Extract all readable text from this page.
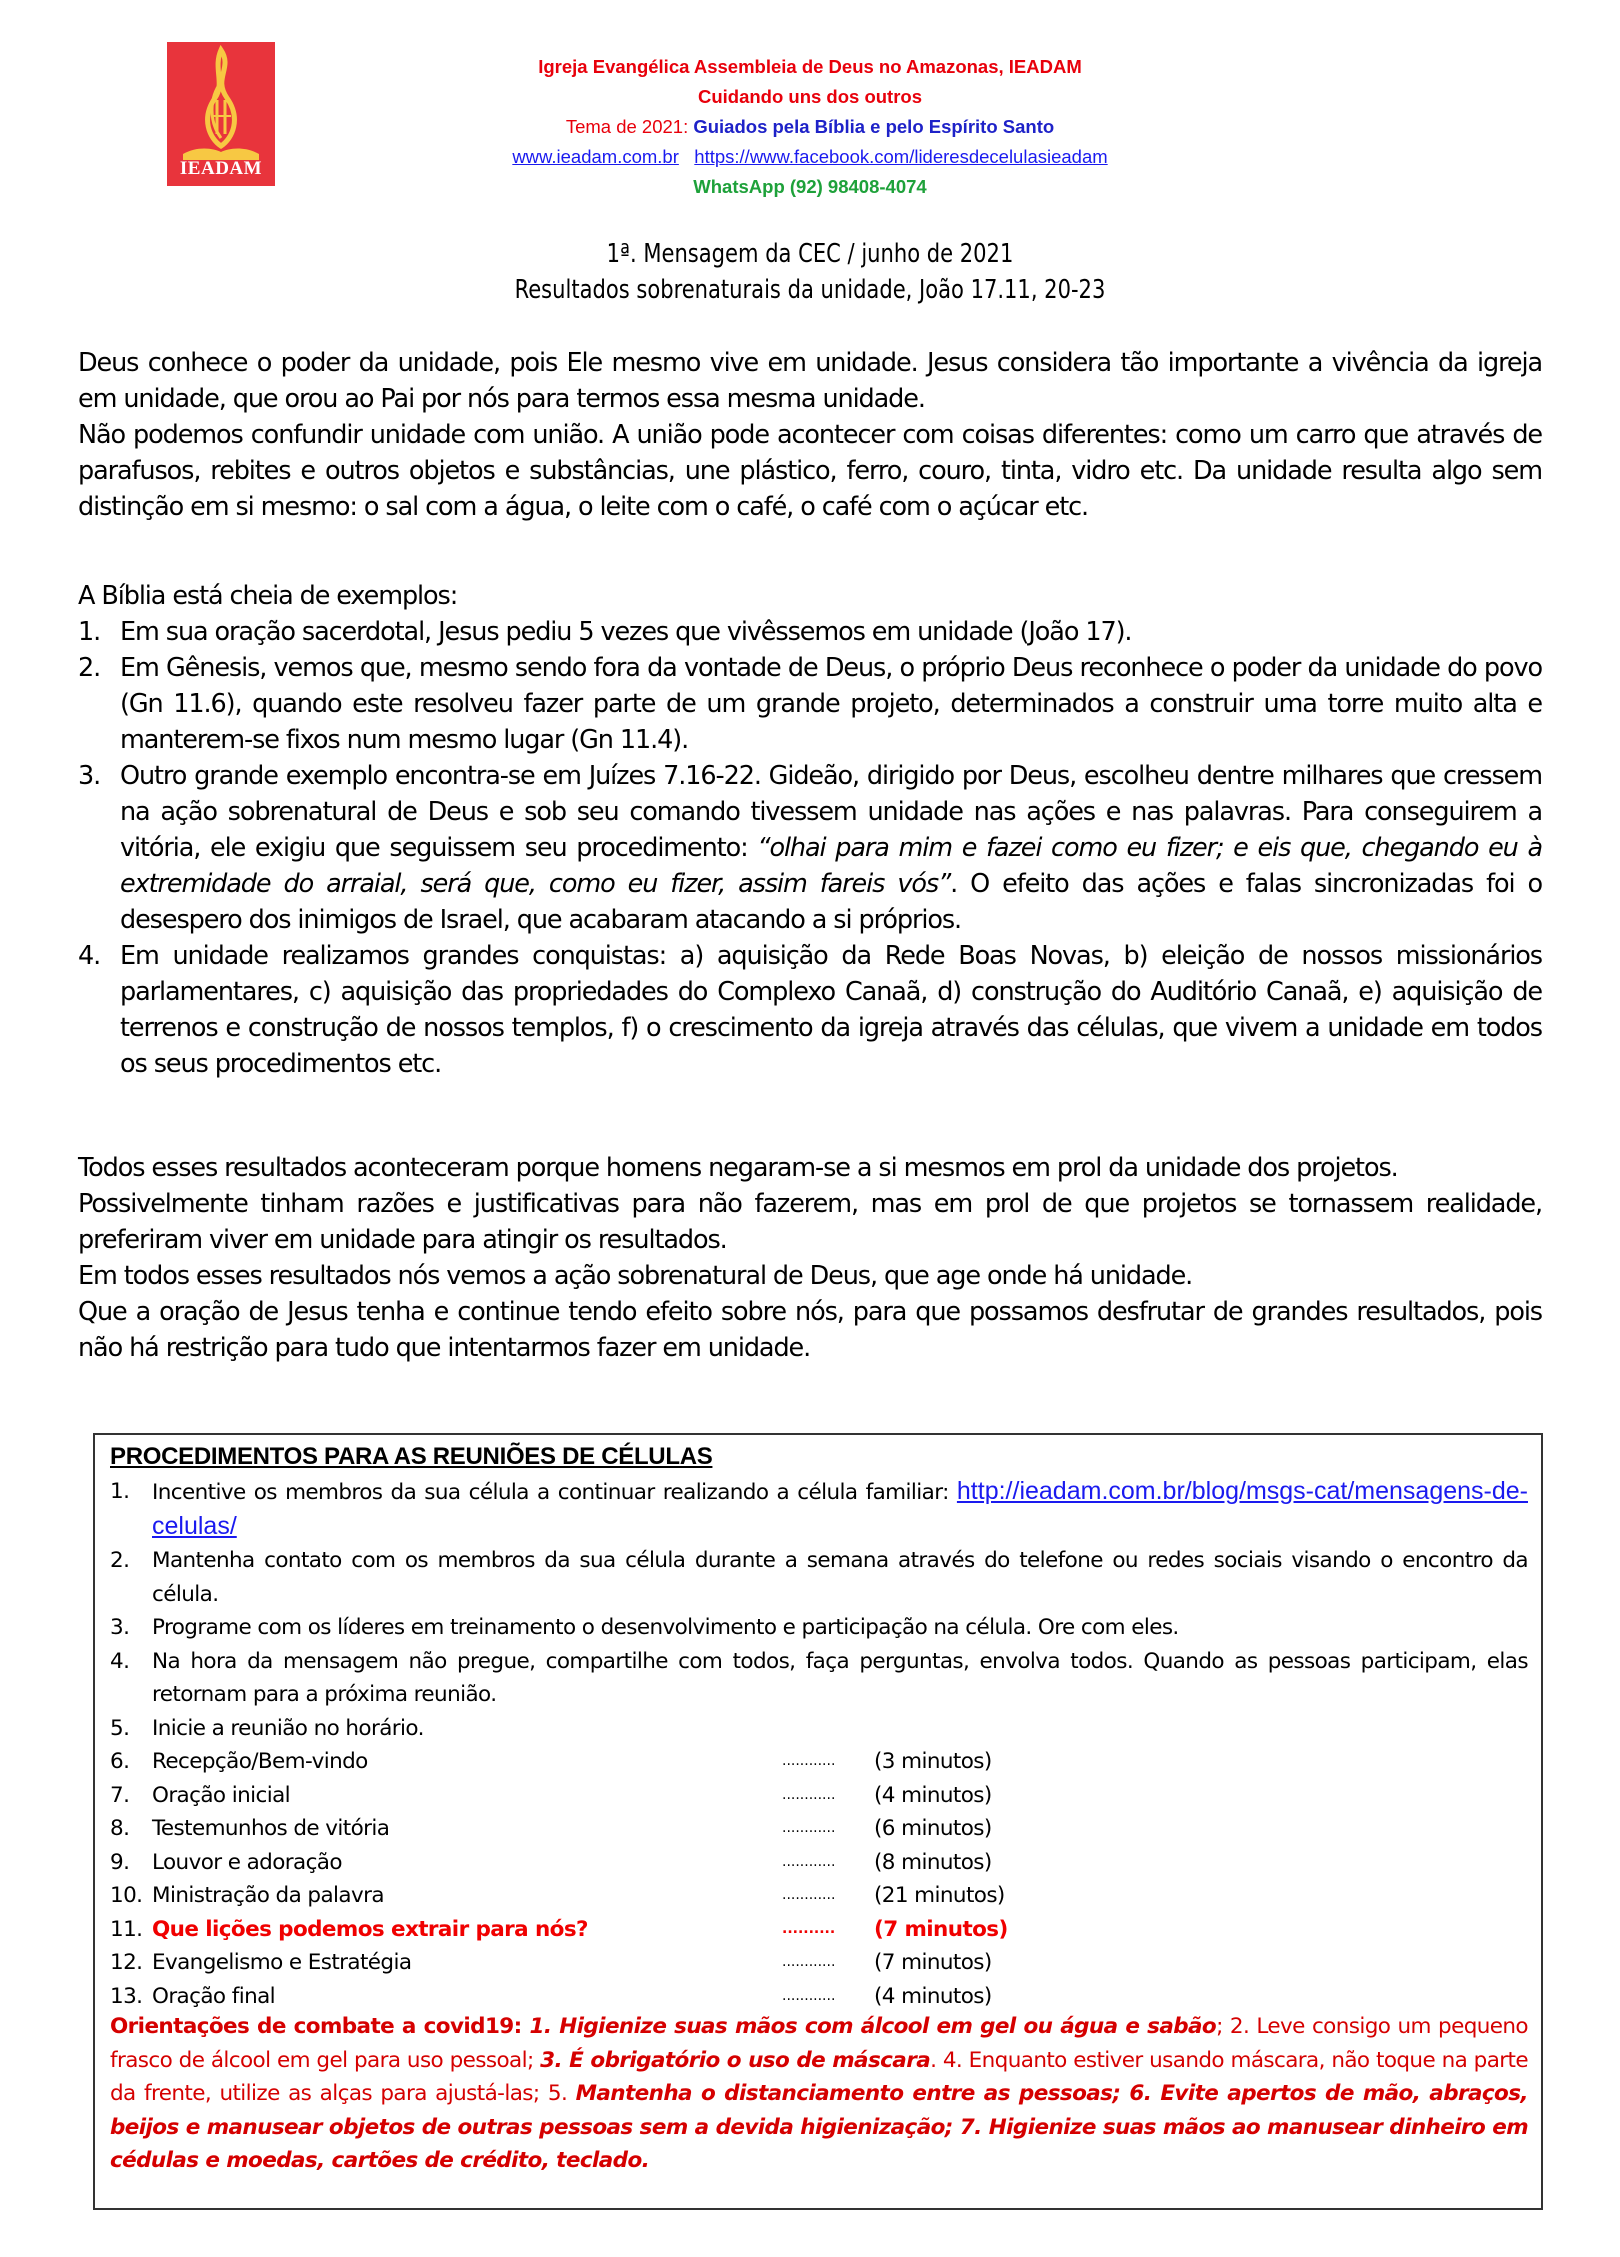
IEADAM
Igreja Evangélica Assembleia de Deus no Amazonas, IEADAM
Cuidando uns dos outros
Tema de 2021: Guiados pela Bíblia e pelo Espírito Santo
www.ieadam.com.br https://www.facebook.com/lideresdecelulasieadam
WhatsApp (92) 98408-4074
1ª. Mensagem da CEC / junho de 2021
Resultados sobrenaturais da unidade, João 17.11, 20-23

Deus conhece o poder da unidade, pois Ele mesmo vive em unidade. Jesus considera tão importante a vivência da igreja em unidade, que orou ao Pai por nós para termos essa mesma unidade.

Não podemos confundir unidade com união. A união pode acontecer com coisas diferentes: como um carro que através de parafusos, rebites e outros objetos e substâncias, une plástico, ferro, couro, tinta, vidro etc. Da unidade resulta algo sem distinção em si mesmo: o sal com a água, o leite com o café, o café com o açúcar etc.

A Bíblia está cheia de exemplos:

1. Em sua oração sacerdotal, Jesus pediu 5 vezes que vivêssemos em unidade (João 17).
2. Em Gênesis, vemos que, mesmo sendo fora da vontade de Deus, o próprio Deus reconhece o poder da unidade do povo (Gn 11.6), quando este resolveu fazer parte de um grande projeto, determinados a construir uma torre muito alta e manterem-se fixos num mesmo lugar (Gn 11.4).
3. Outro grande exemplo encontra-se em Juízes 7.16-22. Gideão, dirigido por Deus, escolheu dentre milhares que cressem na ação sobrenatural de Deus e sob seu comando tivessem unidade nas ações e nas palavras. Para conseguirem a vitória, ele exigiu que seguissem seu procedimento: “olhai para mim e fazei como eu fizer; e eis que, chegando eu à extremidade do arraial, será que, como eu fizer, assim fareis vós”. O efeito das ações e falas sincronizadas foi o desespero dos inimigos de Israel, que acabaram atacando a si próprios.
4. Em unidade realizamos grandes conquistas: a) aquisição da Rede Boas Novas, b) eleição de nossos missionários parlamentares, c) aquisição das propriedades do Complexo Canaã, d) construção do Auditório Canaã, e) aquisição de terrenos e construção de nossos templos, f) o crescimento da igreja através das células, que vivem a unidade em todos os seus procedimentos etc.

Todos esses resultados aconteceram porque homens negaram-se a si mesmos em prol da unidade dos projetos.

Possivelmente tinham razões e justificativas para não fazerem, mas em prol de que projetos se tornassem realidade, preferiram viver em unidade para atingir os resultados.

Em todos esses resultados nós vemos a ação sobrenatural de Deus, que age onde há unidade.

Que a oração de Jesus tenha e continue tendo efeito sobre nós, para que possamos desfrutar de grandes resultados, pois não há restrição para tudo que intentarmos fazer em unidade.

PROCEDIMENTOS PARA AS REUNIÕES DE CÉLULAS
1. Incentive os membros da sua célula a continuar realizando a célula familiar: http://ieadam.com.br/blog/msgs-cat/mensagens-de-celulas/
2. Mantenha contato com os membros da sua célula durante a semana através do telefone ou redes sociais visando o encontro da célula.
3. Programe com os líderes em treinamento o desenvolvimento e participação na célula. Ore com eles.
4. Na hora da mensagem não pregue, compartilhe com todos, faça perguntas, envolva todos. Quando as pessoas participam, elas retornam para a próxima reunião.
5. Inicie a reunião no horário.
6. Recepção/Bem-vindo	............	(3 minutos)
7. Oração inicial	............	(4 minutos)
8. Testemunhos de vitória	............	(6 minutos)
9. Louvor e adoração	............	(8 minutos)
10. Ministração da palavra	............	(21 minutos)
11. Que lições podemos extrair para nós?	..........	(7 minutos)
12. Evangelismo e Estratégia	............	(7 minutos)
13. Oração final	............	(4 minutos)
Orientações de combate a covid19: 1. Higienize suas mãos com álcool em gel ou água e sabão; 2. Leve consigo um pequeno frasco de álcool em gel para uso pessoal; 3. É obrigatório o uso de máscara. 4. Enquanto estiver usando máscara, não toque na parte da frente, utilize as alças para ajustá-las; 5. Mantenha o distanciamento entre as pessoas; 6. Evite apertos de mão, abraços, beijos e manusear objetos de outras pessoas sem a devida higienização; 7. Higienize suas mãos ao manusear dinheiro em cédulas e moedas, cartões de crédito, teclado.
